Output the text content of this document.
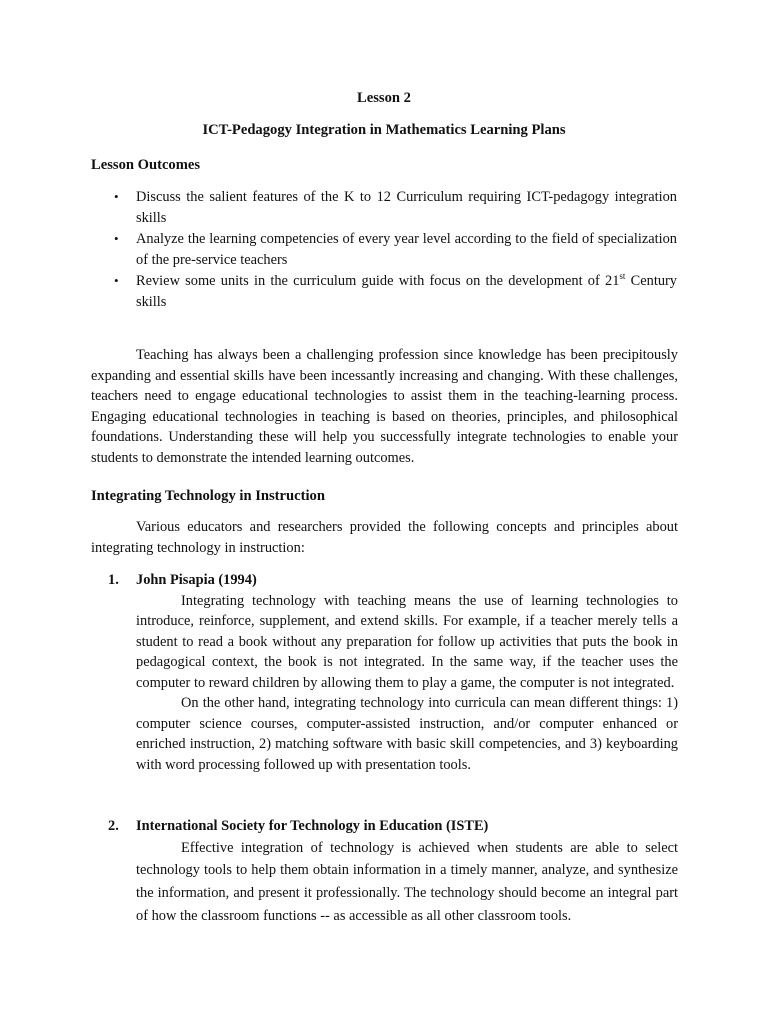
Lesson 2
ICT-Pedagogy Integration in Mathematics Learning Plans
Lesson Outcomes
• Discuss the salient features of the K to 12 Curriculum requiring ICT-pedagogy integration skills
• Analyze the learning competencies of every year level according to the field of specialization of the pre-service teachers
• Review some units in the curriculum guide with focus on the development of 21st Century skills

Teaching has always been a challenging profession since knowledge has been precipitously expanding and essential skills have been incessantly increasing and changing. With these challenges, teachers need to engage educational technologies to assist them in the teaching-learning process. Engaging educational technologies in teaching is based on theories, principles, and philosophical foundations. Understanding these will help you successfully integrate technologies to enable your students to demonstrate the intended learning outcomes.

Integrating Technology in Instruction

Various educators and researchers provided the following concepts and principles about integrating technology in instruction:

1. John Pisapia (1994)

Integrating technology with teaching means the use of learning technologies to introduce, reinforce, supplement, and extend skills. For example, if a teacher merely tells a student to read a book without any preparation for follow up activities that puts the book in pedagogical context, the book is not integrated. In the same way, if the teacher uses the computer to reward children by allowing them to play a game, the computer is not integrated.

On the other hand, integrating technology into curricula can mean different things: 1) computer science courses, computer-assisted instruction, and/or computer enhanced or enriched instruction, 2) matching software with basic skill competencies, and 3) keyboarding with word processing followed up with presentation tools.

2. International Society for Technology in Education (ISTE)

Effective integration of technology is achieved when students are able to select technology tools to help them obtain information in a timely manner, analyze, and synthesize the information, and present it professionally. The technology should become an integral part of how the classroom functions -- as accessible as all other classroom tools.
